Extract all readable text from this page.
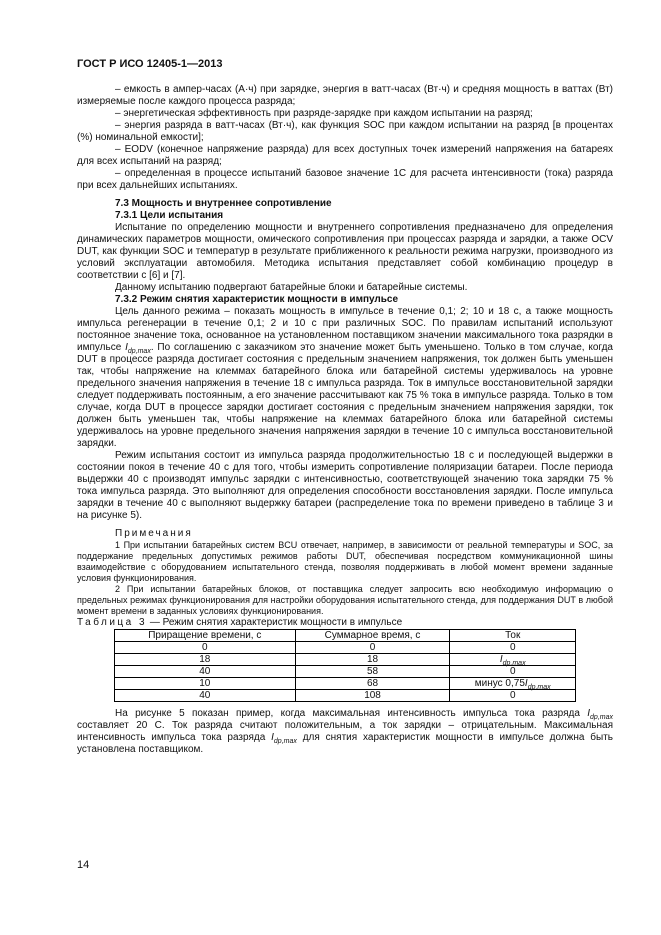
ГОСТ Р ИСО 12405-1—2013

– емкость в ампер-часах (А·ч) при зарядке, энергия в ватт-часах (Вт·ч) и средняя мощность в ваттах (Вт) измеряемые после каждого процесса разряда;

– энергетическая эффективность при разряде-зарядке при каждом испытании на разряд;

– энергия разряда в ватт-часах (Вт·ч), как функция SOC при каждом испытании на разряд [в процентах (%) номинальной емкости];

– EODV (конечное напряжение разряда) для всех доступных точек измерений напряжения на батареях для всех испытаний на разряд;

– определенная в процессе испытаний базовое значение 1C для расчета интенсивности (тока) разряда при всех дальнейших испытаниях.

7.3 Мощность и внутреннее сопротивление

7.3.1 Цели испытания

Испытание по определению мощности и внутреннего сопротивления предназначено для определения динамических параметров мощности, омического сопротивления при процессах разряда и зарядки, а также OCV DUT, как функции SOC и температур в результате приближенного к реальности режима нагрузки, производного из условий эксплуатации автомобиля. Методика испытания представляет собой комбинацию процедур в соответствии с [6] и [7].

Данному испытанию подвергают батарейные блоки и батарейные системы.

7.3.2 Режим снятия характеристик мощности в импульсе

Цель данного режима – показать мощность в импульсе в течение 0,1; 2; 10 и 18 с, а также мощность импульса регенерации в течение 0,1; 2 и 10 с при различных SOC. По правилам испытаний используют постоянное значение тока, основанное на установленном поставщиком значении максимального тока разрядки в импульсе $I_{dp,max}$. По соглашению с заказчиком это значение может быть уменьшено. Только в том случае, когда DUT в процессе разряда достигает состояния с предельным значением напряжения, ток должен быть уменьшен так, чтобы напряжение на клеммах батарейного блока или батарейной системы удерживалось на уровне предельного значения напряжения в течение 18 с импульса разряда. Ток в импульсе восстановительной зарядки следует поддерживать постоянным, а его значение рассчитывают как 75 % тока в импульсе разряда. Только в том случае, когда DUT в процессе зарядки достигает состояния с предельным значением напряжения зарядки, ток должен быть уменьшен так, чтобы напряжение на клеммах батарейного блока или батарейной системы удерживалось на уровне предельного значения напряжения зарядки в течение 10 с импульса восстановительной зарядки.

Режим испытания состоит из импульса разряда продолжительностью 18 с и последующей выдержки в состоянии покоя в течение 40 с для того, чтобы измерить сопротивление поляризации батареи. После периода выдержки 40 с производят импульс зарядки с интенсивностью, соответствующей значению тока зарядки 75 % тока импульса разряда. Это выполняют для определения способности восстановления зарядки. После импульса зарядки в течение 40 с выполняют выдержку батареи (распределение тока по времени приведено в таблице 3 и на рисунке 5).

Примечания

1 При испытании батарейных систем BCU отвечает, например, в зависимости от реальной температуры и SOC, за поддержание предельных допустимых режимов работы DUT, обеспечивая посредством коммуникационной шины взаимодействие с оборудованием испытательного стенда, позволяя поддерживать в любой момент времени заданные условия функционирования.

2 При испытании батарейных блоков, от поставщика следует запросить всю необходимую информацию о предельных режимах функционирования для настройки оборудования испытательного стенда, для поддержания DUT в любой момент времени в заданных условиях функционирования.

Таблица 3 — Режим снятия характеристик мощности в импульсе

Приращение времени, с	Суммарное время, с	Ток
0	0	0
18	18	$I_{dp,max}$
40	58	0
10	68	минус $0,75I_{dp,max}$
40	108	0

На рисунке 5 показан пример, когда максимальная интенсивность импульса тока разряда $I_{dp,max}$ составляет 20 С. Ток разряда считают положительным, а ток зарядки – отрицательным. Максимальная интенсивность импульса тока разряда $I_{dp,max}$ для снятия характеристик мощности в импульсе должна быть установлена поставщиком.

14
